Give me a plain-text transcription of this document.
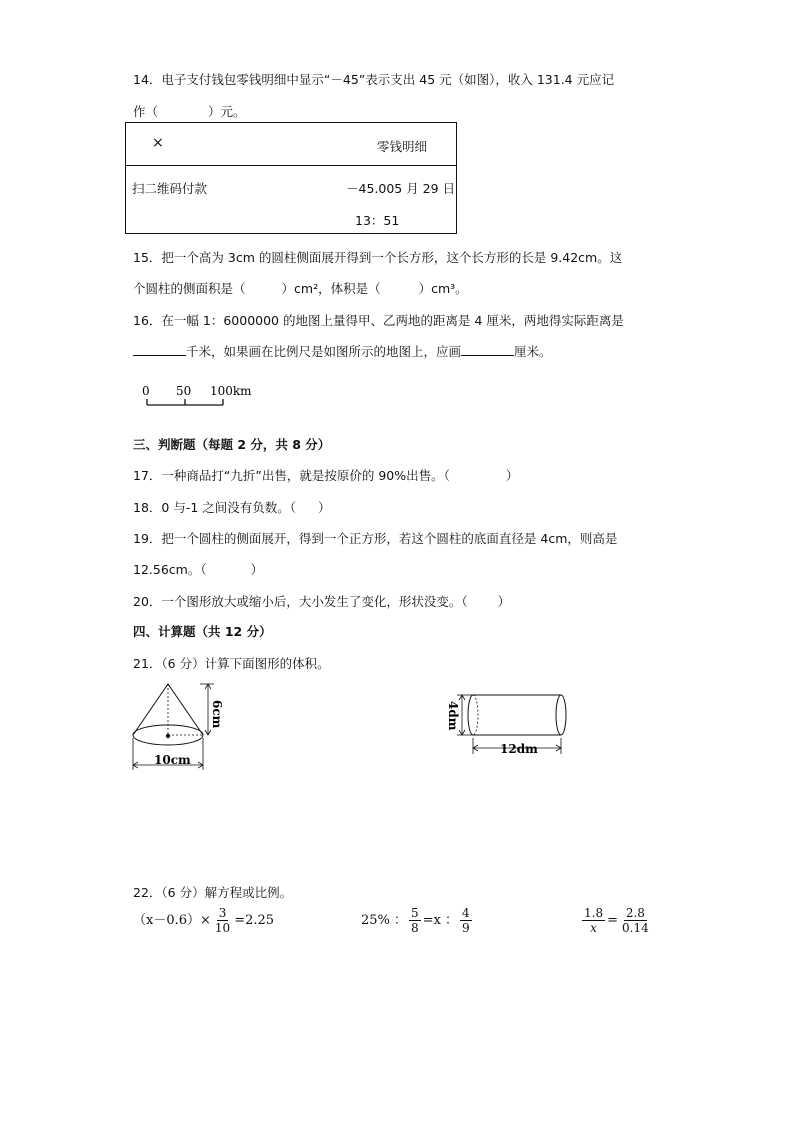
14．电子支付钱包零钱明细中显示“－45”表示支出 45 元（如图），收入 131.4 元应记
作（	）元。
×	零钱明细
扫二维码付款	－45.005 月 29 日
13：51
15．把一个高为 3cm 的圆柱侧面展开得到一个长方形，这个长方形的长是 9.42cm。这
个圆柱的侧面积是（	）cm²，体积是（	）cm³。
16．在一幅 1：6000000 的地图上量得甲、乙两地的距离是 4 厘米，两地得实际距离是
千米，如果画在比例尺是如图所示的地图上，应画	厘米。
0 50 100km
三、判断题（每题 2 分，共 8 分）
17．一种商品打“九折”出售，就是按原价的 90%出售。（	）
18．0 与-1 之间没有负数。（ ）
19．把一个圆柱的侧面展开，得到一个正方形，若这个圆柱的底面直径是 4cm，则高是
12.56cm。（	）
20．一个图形放大或缩小后，大小发生了变化，形状没变。（ ）
四、计算题（共 12 分）
21．（6 分）计算下面图形的体积。
6cm
10cm
4dm
12dm
22．（6 分）解方程或比例。
$(x-0.6)\times \frac{3}{10} =2.25$	25% ： $\frac{5}{8} =x$ ： $\frac{4}{9}$	$\frac{1.8}{x} = \frac{2.8}{0.14}$
